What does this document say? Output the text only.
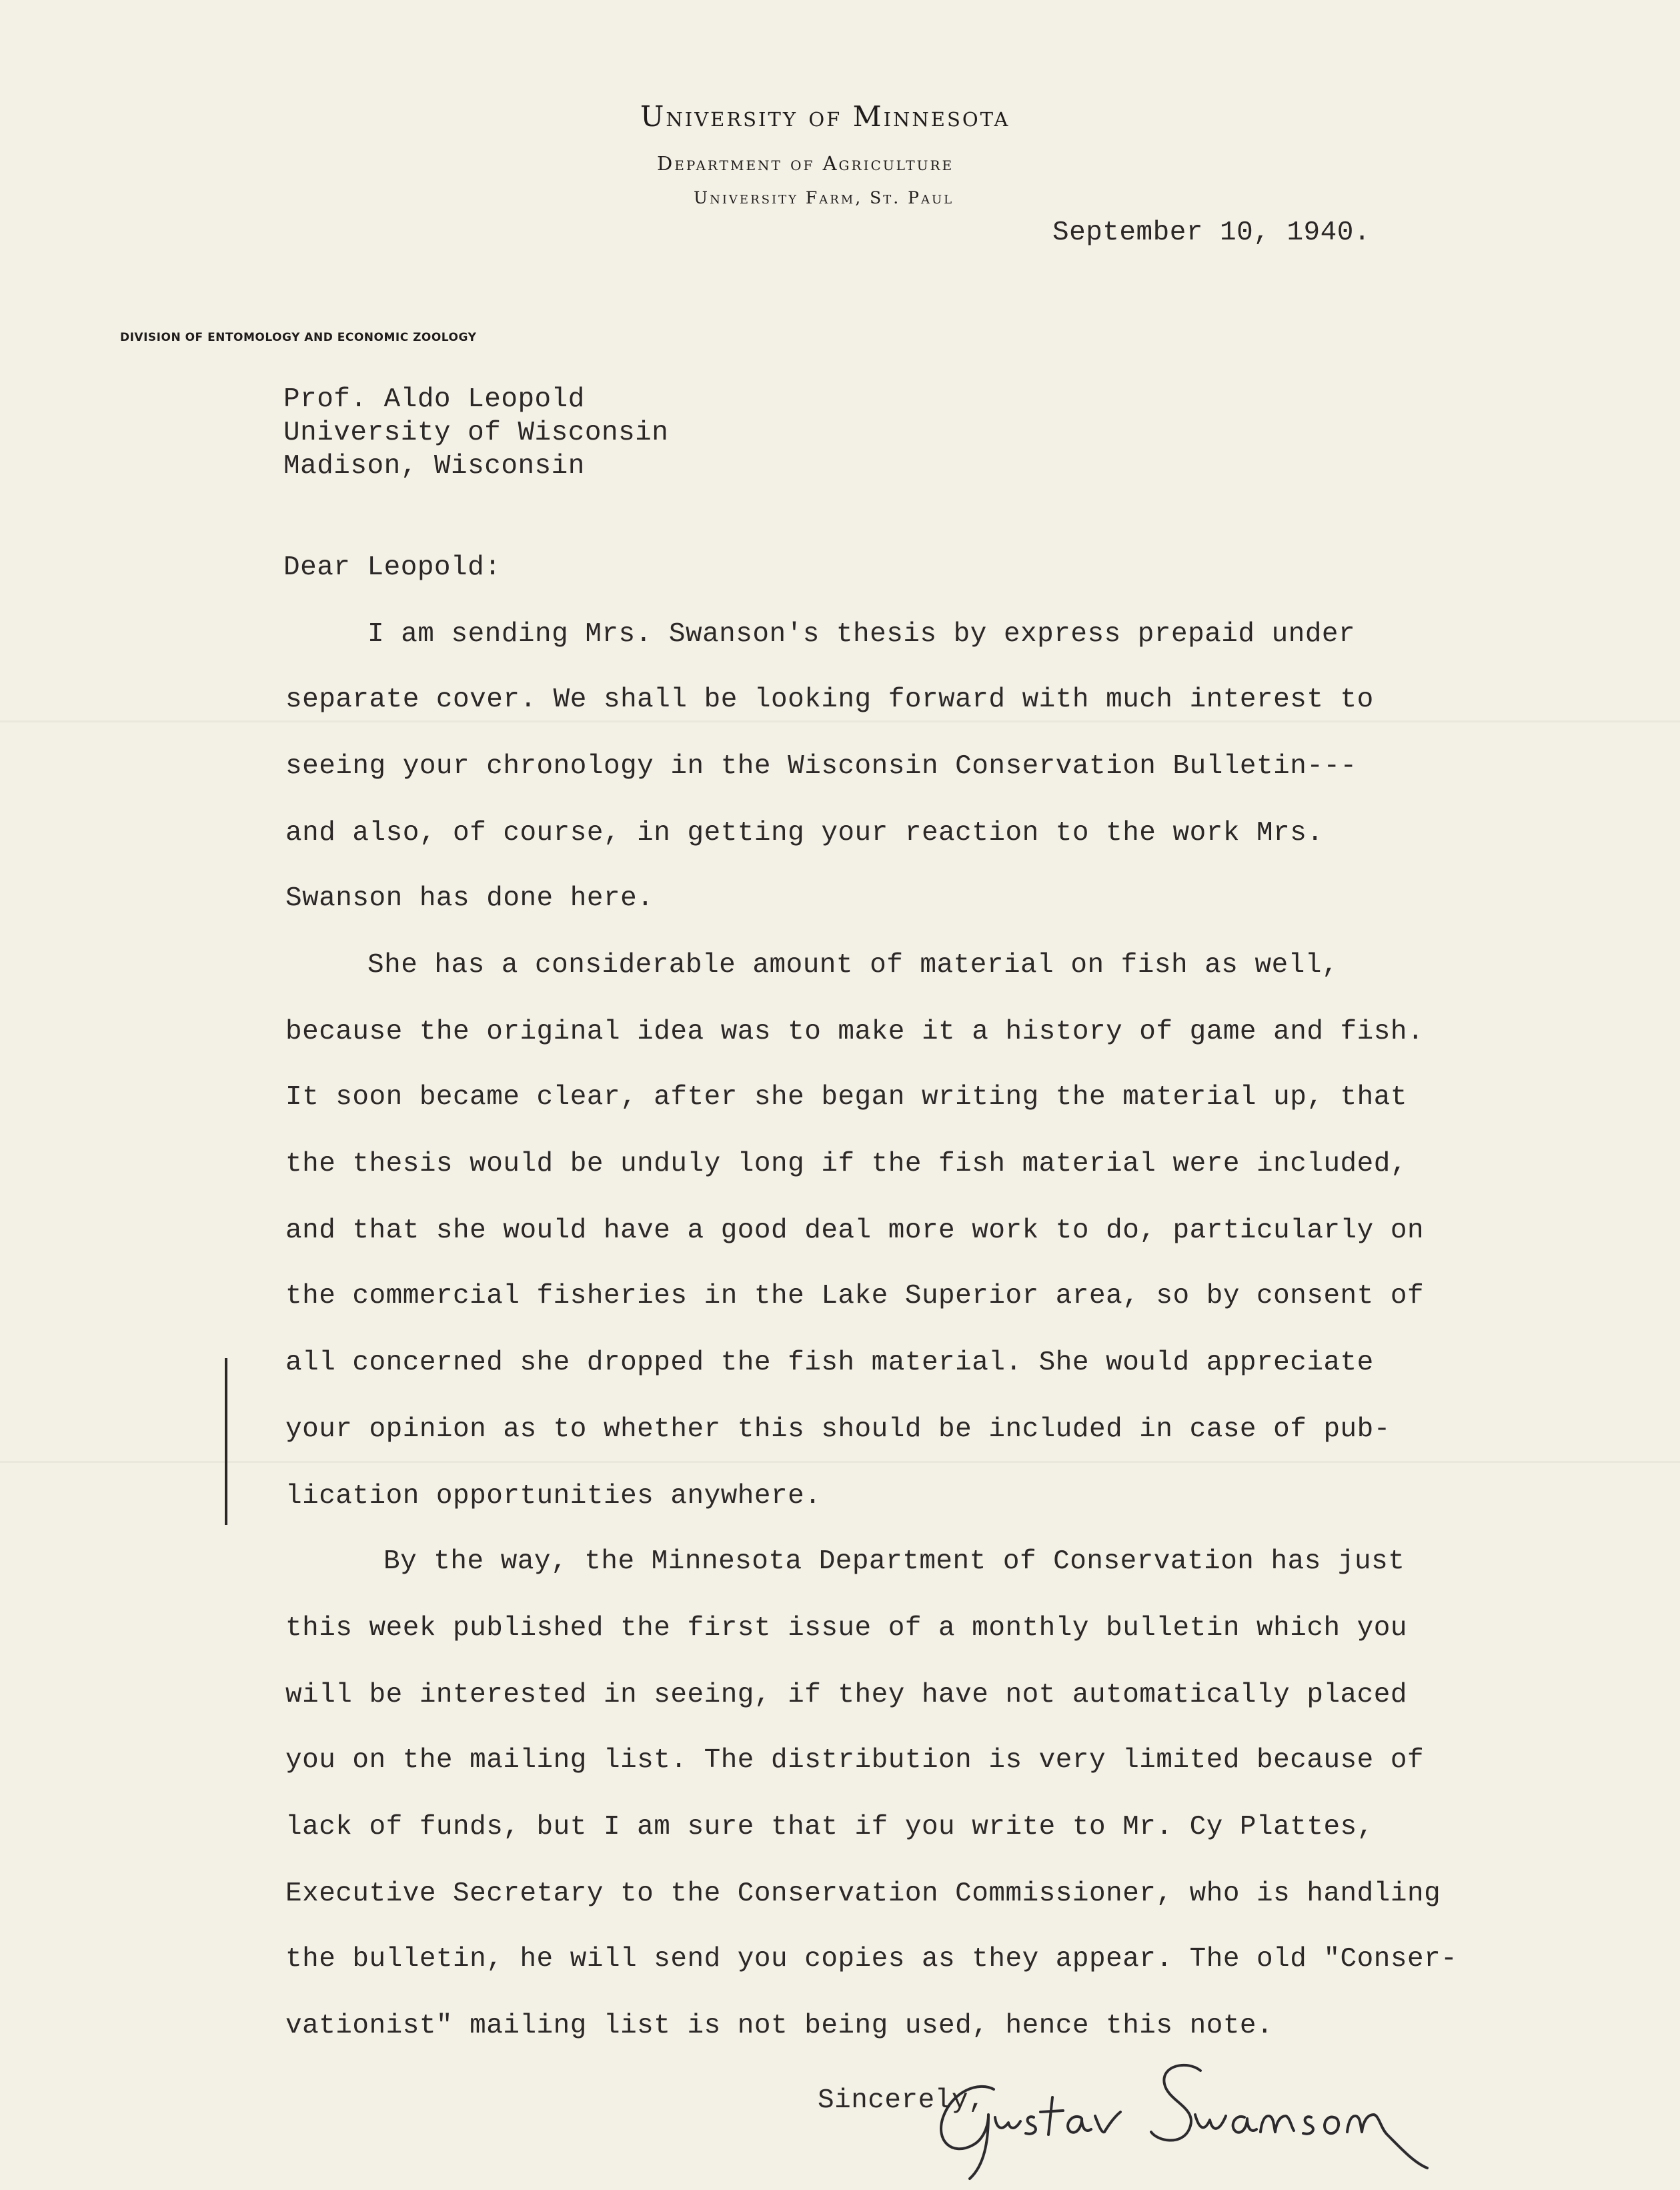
University of Minnesota
Department of Agriculture
University Farm, St. Paul
DIVISION OF ENTOMOLOGY AND ECONOMIC ZOOLOGY
September 10, 1940.
Prof. Aldo Leopold
University of Wisconsin
Madison, Wisconsin
Dear Leopold:
I am sending Mrs. Swanson's thesis by express prepaid under
separate cover. We shall be looking forward with much interest to
seeing your chronology in the Wisconsin Conservation Bulletin---
and also, of course, in getting your reaction to the work Mrs.
Swanson has done here.
She has a considerable amount of material on fish as well,
because the original idea was to make it a history of game and fish.
It soon became clear, after she began writing the material up, that
the thesis would be unduly long if the fish material were included,
and that she would have a good deal more work to do, particularly on
the commercial fisheries in the Lake Superior area, so by consent of
all concerned she dropped the fish material. She would appreciate
your opinion as to whether this should be included in case of pub-
lication opportunities anywhere.
By the way, the Minnesota Department of Conservation has just
this week published the first issue of a monthly bulletin which you
will be interested in seeing, if they have not automatically placed
you on the mailing list. The distribution is very limited because of
lack of funds, but I am sure that if you write to Mr. Cy Plattes,
Executive Secretary to the Conservation Commissioner, who is handling
the bulletin, he will send you copies as they appear. The old "Conser-
vationist" mailing list is not being used, hence this note.
Sincerely,
